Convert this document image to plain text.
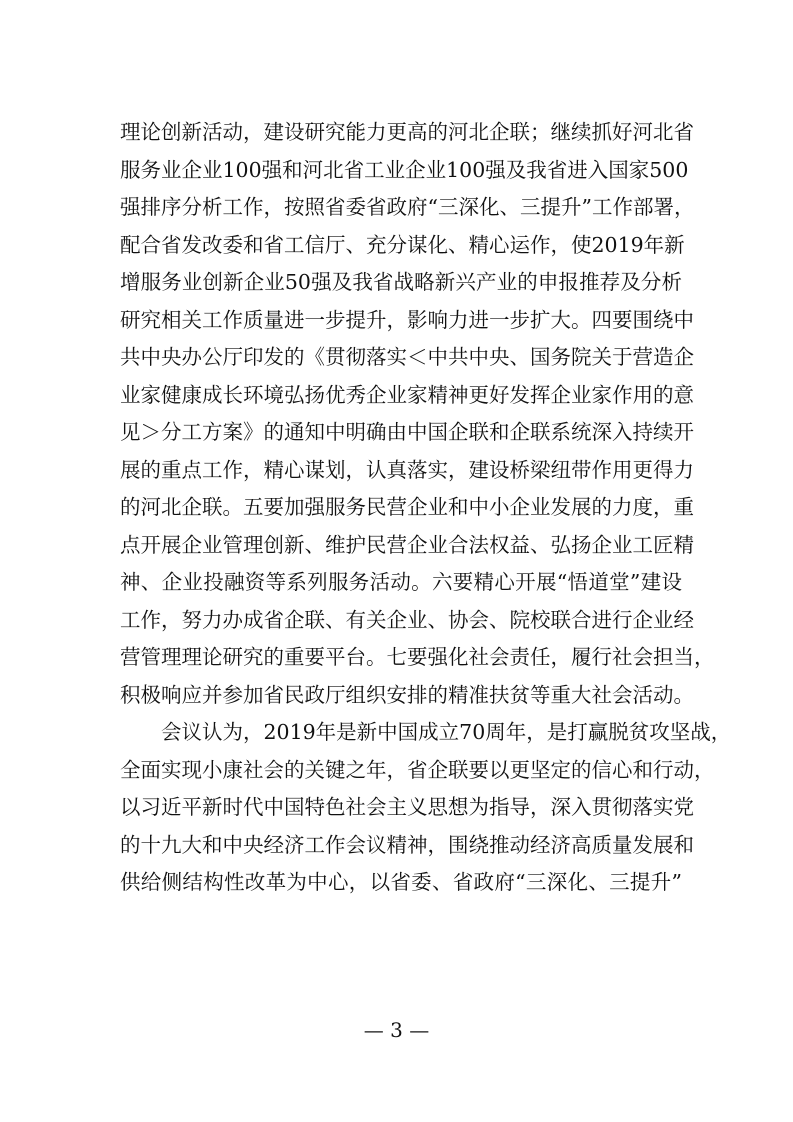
理论创新活动，建设研究能力更高的河北企联；继续抓好河北省
服务业企业100强和河北省工业企业100强及我省进入国家500
强排序分析工作，按照省委省政府“三深化、三提升”工作部署，
配合省发改委和省工信厅、充分谋化、精心运作，使2019年新
增服务业创新企业50强及我省战略新兴产业的申报推荐及分析
研究相关工作质量进一步提升，影响力进一步扩大。四要围绕中
共中央办公厅印发的《贯彻落实＜中共中央、国务院关于营造企
业家健康成长环境弘扬优秀企业家精神更好发挥企业家作用的意
见＞分工方案》的通知中明确由中国企联和企联系统深入持续开
展的重点工作，精心谋划，认真落实，建设桥梁纽带作用更得力
的河北企联。五要加强服务民营企业和中小企业发展的力度，重
点开展企业管理创新、维护民营企业合法权益、弘扬企业工匠精
神、企业投融资等系列服务活动。六要精心开展“悟道堂”建设
工作，努力办成省企联、有关企业、协会、院校联合进行企业经
营管理理论研究的重要平台。七要强化社会责任，履行社会担当，
积极响应并参加省民政厅组织安排的精准扶贫等重大社会活动。
会议认为，2019年是新中国成立70周年，是打赢脱贫攻坚战，
全面实现小康社会的关键之年，省企联要以更坚定的信心和行动，
以习近平新时代中国特色社会主义思想为指导，深入贯彻落实党
的十九大和中央经济工作会议精神，围绕推动经济高质量发展和
供给侧结构性改革为中心，以省委、省政府“三深化、三提升”
— 3 —
